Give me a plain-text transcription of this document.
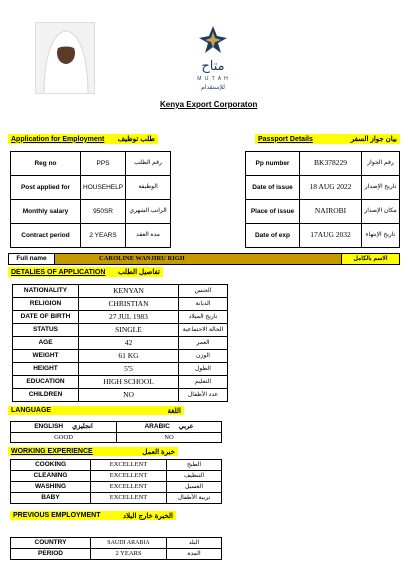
متاح
M U T A H
للإستقدام
Kenya Export Corporaton
Application for Employment طلب توظيف	Passport Details	بيان جواز السفر
Reg no	PPS	رقم الطلب
Post applied for	HOUSEHELP	الوظيفة
Monthly salary	950SR	الراتب الشهري
Contract period	2 YEARS	مدة العقد
Pp number	BK378229	رقم الجواز
Date of issue	18 AUG 2022	تاريخ الإصدار
Place of issue	NAIROBI	مكان الإصدار
Date of exp	17AUG 2032	تاريخ الإنتهاء
Full name	CAROLINE WANJIRU RIGII	الاسم بالكامل
DETALIES OF APPLICATION تفاصيل الطلب
NATIONALITY	KENYAN	الجنس
RELIGION	CHRISTIAN	الديانة
DATE OF BIRTH	27 JUL 1983	تاريخ الميلاد
STATUS	SINGLE	الحالة الاجتماعية
AGE	42	العمر
WEIGHT	61 KG	الوزن
HEIGHT	5'5	الطول
EDUCATION	HIGH SCHOOL	التعليم
CHILDREN	NO	عدد الأطفال
LANGUAGE	اللغة
ENGLISH انجليزي	ARABIC عربي
GOOD	NO
WORKING EXPERIENCE	خبرة العمل
COOKING	EXCELLENT	الطبخ
CLEANING	EXCELLENT	التنظيف
WASHING	EXCELLENT	الغسيل
BABY	EXCELLENT	تربية الأطفال
PREVIOUS EMPLOYMENT	الخبرة خارج البلاد
COUNTRY	SAUDI ARABIA	البلد
PERIOD	2 YEARS	المدة
